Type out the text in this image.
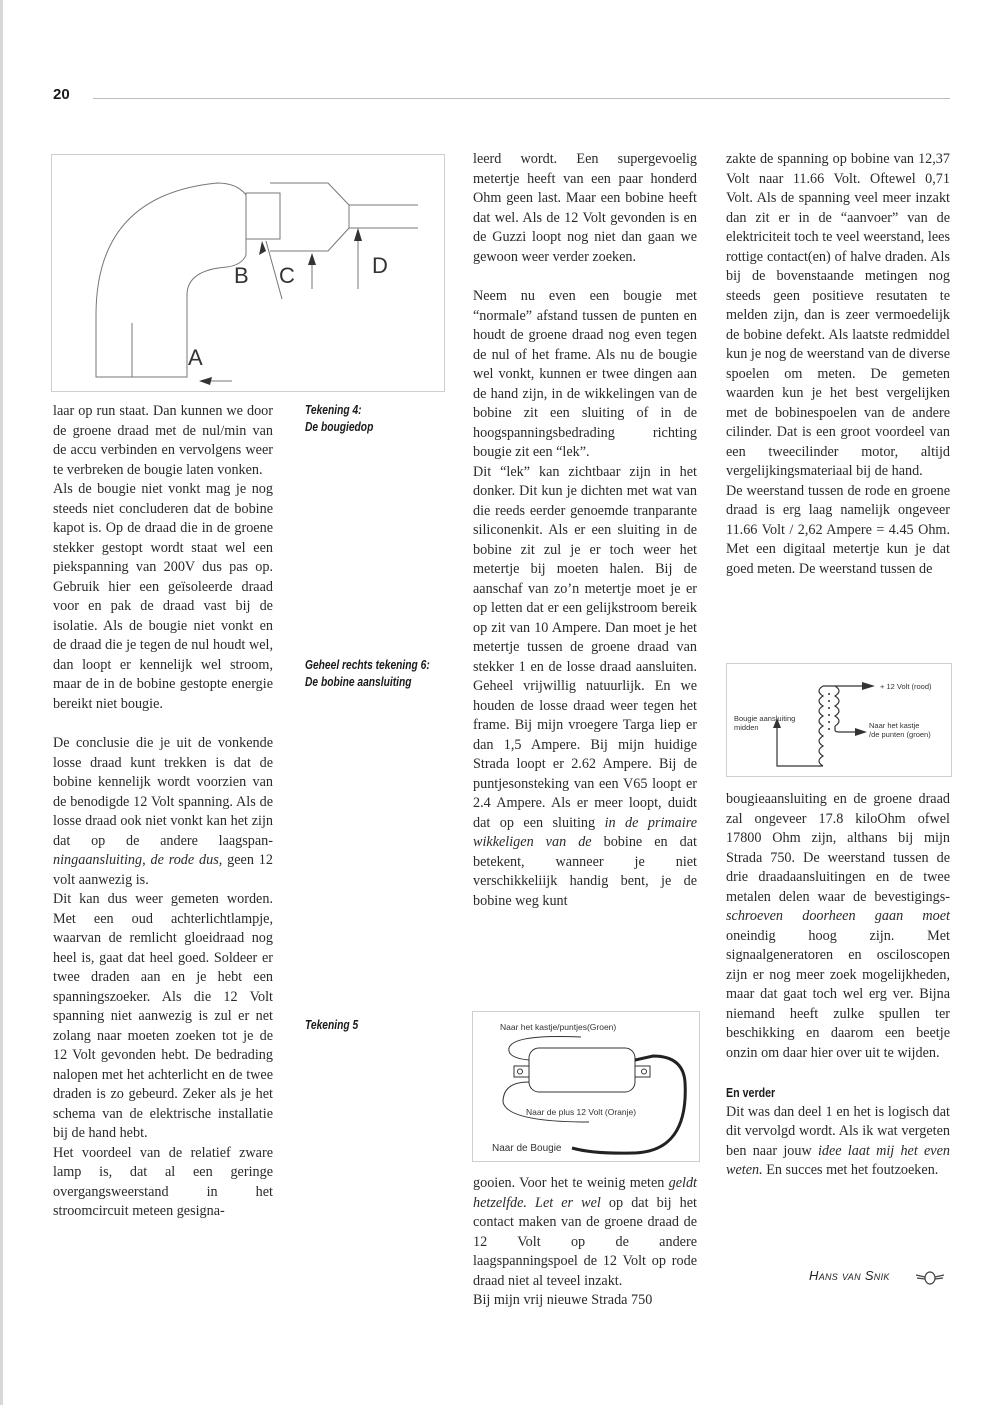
20
B C	D
A
Tekening 4:
De bougiedop
Geheel rechts tekening 6:
De bobine aansluiting
Tekening 5

laar op run staat. Dan kunnen we door de groene draad met de nul/min van de accu verbinden en vervolgens weer te verbreken de bougie laten vonken.

Als de bougie niet vonkt mag je nog steeds niet concluderen dat de bobine kapot is. Op de draad die in de groene stekker gestopt wordt staat wel een piekspanning van 200V dus pas op. Gebruik hier een geïsoleerde draad voor en pak de draad vast bij de isolatie. Als de bougie niet vonkt en de draad die je tegen de nul houdt wel, dan loopt er kennelijk wel stroom, maar de in de bobine gestopte energie bereikt niet bougie.

De conclusie die je uit de vonkende losse draad kunt trekken is dat de bobine kennelijk wordt voorzien van de benodigde 12 Volt spanning. Als de losse draad ook niet vonkt kan het zijn dat op de andere laagspan-ningaansluiting, de rode dus, geen 12 volt aanwezig is.

Dit kan dus weer gemeten worden. Met een oud achterlichtlampje, waarvan de remlicht gloeidraad nog heel is, gaat dat heel goed. Soldeer er twee draden aan en je hebt een spanningszoeker. Als die 12 Volt spanning niet aanwezig is zul er net zolang naar moeten zoeken tot je de 12 Volt gevonden hebt. De bedrading nalopen met het achterlicht en de twee draden is zo gebeurd. Zeker als je het schema van de elektrische installatie bij de hand hebt.

Het voordeel van de relatief zware lamp is, dat al een geringe overgangsweerstand in het stroomcircuit meteen gesigna-

leerd wordt. Een supergevoelig metertje heeft van een paar honderd Ohm geen last. Maar een bobine heeft dat wel. Als de 12 Volt gevonden is en de Guzzi loopt nog niet dan gaan we gewoon weer verder zoeken.

Neem nu even een bougie met “normale” afstand tussen de punten en houdt de groene draad nog even tegen de nul of het frame. Als nu de bougie wel vonkt, kunnen er twee dingen aan de hand zijn, in de wikkelingen van de bobine zit een sluiting of in de hoogspanningsbedrading richting bougie zit een “lek”.

Dit “lek” kan zichtbaar zijn in het donker. Dit kun je dichten met wat van die reeds eerder genoemde tranparante siliconenkit. Als er een sluiting in de bobine zit zul je er toch weer het metertje bij moeten halen. Bij de aanschaf van zo’n metertje moet je er op letten dat er een gelijkstroom bereik op zit van 10 Ampere. Dan moet je het metertje tussen de groene draad van stekker 1 en de losse draad aansluiten. Geheel vrijwillig natuurlijk. En we houden de losse draad weer tegen het frame. Bij mijn vroegere Targa liep er dan 1,5 Ampere. Bij mijn huidige Strada loopt er 2.62 Ampere. Bij de puntjesonsteking van een V65 loopt er 2.4 Ampere. Als er meer loopt, duidt dat op een sluiting in de primaire wikkeligen van de bobine en dat betekent, wanneer je niet verschikkeliijk handig bent, je de bobine weg kunt

Naar het kastje/puntjes(Groen)
Naar de plus 12 Volt (Oranje)
Naar de Bougie

gooien. Voor het te weinig meten geldt hetzelfde. Let er wel op dat bij het contact maken van de groene draad de 12 Volt op de andere laagspanningspoel de 12 Volt op rode draad niet al teveel inzakt.

Bij mijn vrij nieuwe Strada 750

zakte de spanning op bobine van 12,37 Volt naar 11.66 Volt. Oftewel 0,71 Volt. Als de spanning veel meer inzakt dan zit er in de “aanvoer” van de elektriciteit toch te veel weerstand, lees rottige contact(en) of halve draden. Als bij de bovenstaande metingen nog steeds geen positieve resutaten te melden zijn, dan is zeer vermoedelijk de bobine defekt. Als laatste redmiddel kun je nog de weerstand van de diverse spoelen om meten. De gemeten waarden kun je het best vergelijken met de bobinespoelen van de andere cilinder. Dat is een groot voordeel van een tweecilinder motor, altijd vergelijkingsmateriaal bij de hand.

De weerstand tussen de rode en groene draad is erg laag namelijk ongeveer 11.66 Volt / 2,62 Ampere = 4.45 Ohm. Met een digitaal metertje kun je dat goed meten. De weerstand tussen de

+ 12 Volt (rood)
Bougie aansluiting
midden	Naar het kastje
/de punten (groen)

bougieaansluiting en de groene draad zal ongeveer 17.8 kiloOhm ofwel 17800 Ohm zijn, althans bij mijn Strada 750. De weerstand tussen de drie draadaansluitingen en de twee metalen delen waar de bevestigings-schroeven doorheen gaan moet oneindig hoog zijn. Met signaalgeneratoren en osciloscopen zijn er nog meer zoek mogelijkheden, maar dat gaat toch wel erg ver. Bijna niemand heeft zulke spullen ter beschikking en daarom een beetje onzin om daar hier over uit te wijden.

En verder

Dit was dan deel 1 en het is logisch dat dit vervolgd wordt. Als ik wat vergeten ben naar jouw idee laat mij het even weten. En succes met het foutzoeken.

Hans van Snik
